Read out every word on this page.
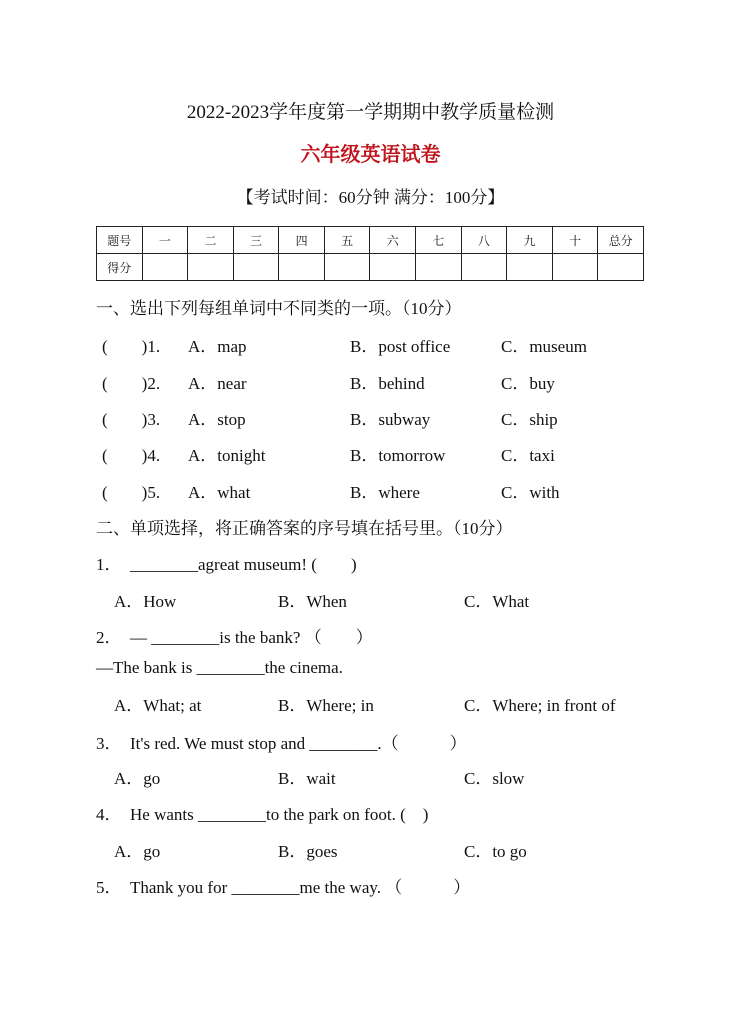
2022-2023学年度第一学期期中教学质量检测
六年级英语试卷
【考试时间：60分钟 满分：100分】
题号	一	二	三	四	五	六	七	八	九	十	总分
得分											
一、选出下列每组单词中不同类的一项。（10分）
(　　)1. A．map	B．post office	C．museum
(　　)2. A．near	B．behind	C．buy
(　　)3. A．stop	B．subway	C．ship
(　　)4. A．tonight	B．tomorrow	C．taxi
(　　)5. A．what	B．where	C．with
二、单项选择，将正确答案的序号填在括号里。（10分）
1．　________agreat museum! (　　)
A．How	B．When	C．What
2．　— ________is the bank? （　　）
—The bank is ________the cinema.
A．What; at	B．Where; in	C．Where; in front of
3．　It's red. We must stop and ________.（　　　）
A．go	B．wait	C．slow
4．　He wants ________to the park on foot. (　)
A．go	B．goes	C．to go
5．　Thank you for ________me the way. （　　　）
